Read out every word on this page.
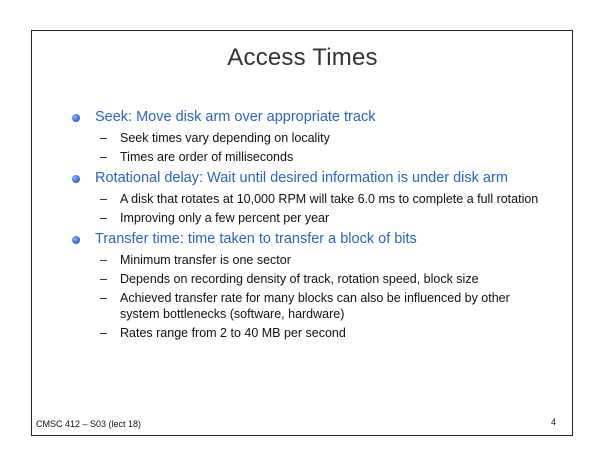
Access Times
Seek: Move disk arm over appropriate track
– Seek times vary depending on locality
– Times are order of milliseconds
Rotational delay: Wait until desired information is under disk arm
– A disk that rotates at 10,000 RPM will take 6.0 ms to complete a full rotation
– Improving only a few percent per year
Transfer time: time taken to transfer a block of bits
– Minimum transfer is one sector
– Depends on recording density of track, rotation speed, block size
– Achieved transfer rate for many blocks can also be influenced by other system bottlenecks (software, hardware)
– Rates range from 2 to 40 MB per second
CMSC 412 – S03 (lect 18)	4
